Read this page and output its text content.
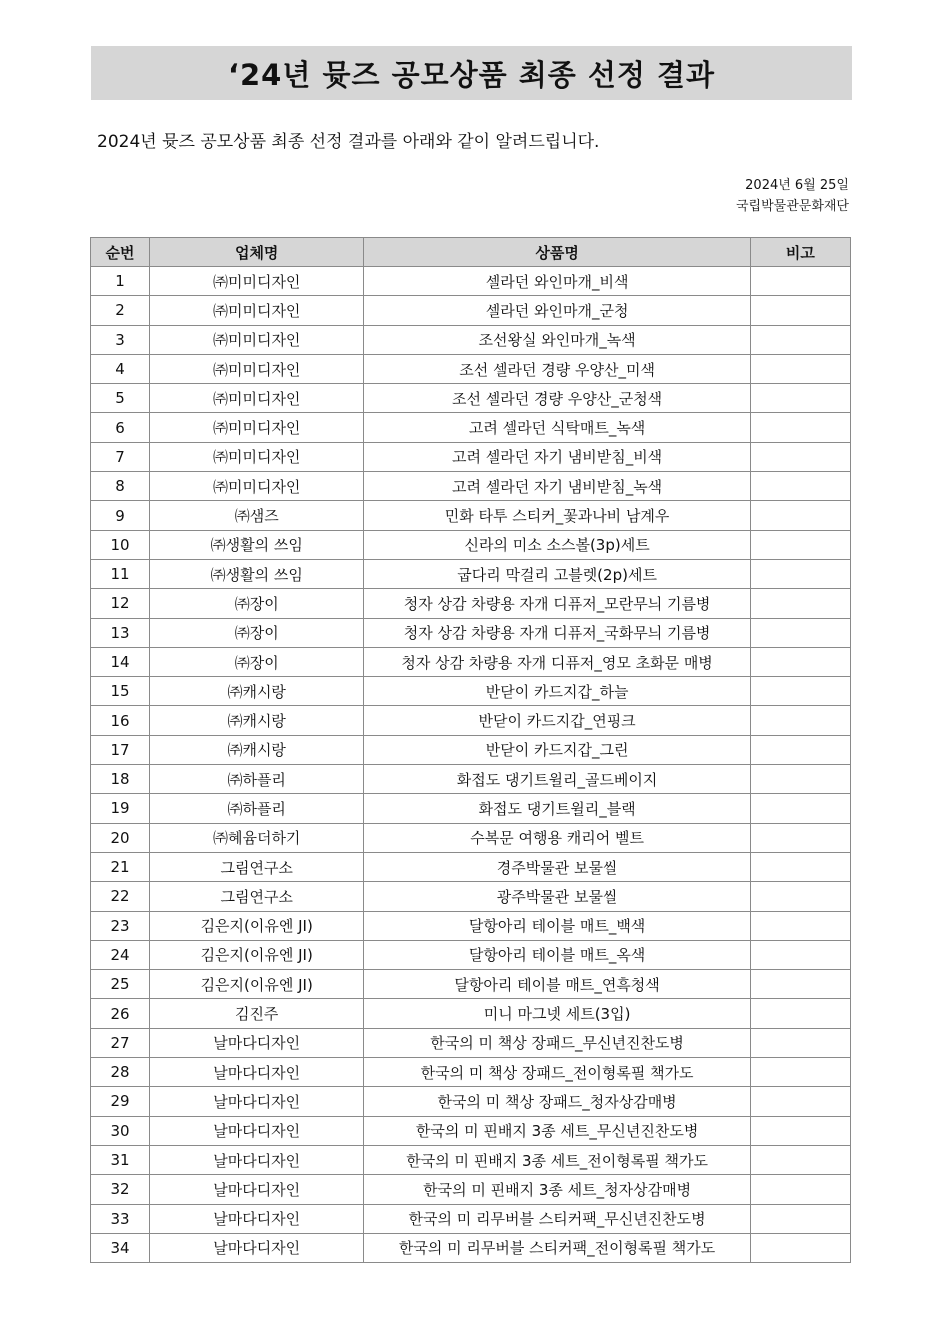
‘24년 뮷즈 공모상품 최종 선정 결과
2024년 뮷즈 공모상품 최종 선정 결과를 아래와 같이 알려드립니다.
2024년 6월 25일
국립박물관문화재단
순번	업체명	상품명	비고
1	㈜미미디자인	셀라던 와인마개_비색	
2	㈜미미디자인	셀라던 와인마개_군청	
3	㈜미미디자인	조선왕실 와인마개_녹색	
4	㈜미미디자인	조선 셀라던 경량 우양산_미색	
5	㈜미미디자인	조선 셀라던 경량 우양산_군청색	
6	㈜미미디자인	고려 셀라던 식탁매트_녹색	
7	㈜미미디자인	고려 셀라던 자기 냄비받침_비색	
8	㈜미미디자인	고려 셀라던 자기 냄비받침_녹색	
9	㈜샘즈	민화 타투 스티커_꽃과나비 남계우	
10	㈜생활의 쓰임	신라의 미소 소스볼(3p)세트	
11	㈜생활의 쓰임	굽다리 막걸리 고블렛(2p)세트	
12	㈜장이	청자 상감 차량용 자개 디퓨저_모란무늬 기름병	
13	㈜장이	청자 상감 차량용 자개 디퓨저_국화무늬 기름병	
14	㈜장이	청자 상감 차량용 자개 디퓨저_영모 초화문 매병	
15	㈜캐시랑	반닫이 카드지갑_하늘	
16	㈜캐시랑	반닫이 카드지갑_연핑크	
17	㈜캐시랑	반닫이 카드지갑_그린	
18	㈜하플리	화접도 댕기트윌리_골드베이지	
19	㈜하플리	화접도 댕기트윌리_블랙	
20	㈜혜윰더하기	수복문 여행용 캐리어 벨트	
21	그림연구소	경주박물관 보물씰	
22	그림연구소	광주박물관 보물씰	
23	김은지(이유엔 JI)	달항아리 테이블 매트_백색	
24	김은지(이유엔 JI)	달항아리 테이블 매트_옥색	
25	김은지(이유엔 JI)	달항아리 테이블 매트_연흑청색	
26	김진주	미니 마그넷 세트(3입)	
27	날마다디자인	한국의 미 책상 장패드_무신년진찬도병	
28	날마다디자인	한국의 미 책상 장패드_전이형록필 책가도	
29	날마다디자인	한국의 미 책상 장패드_청자상감매병	
30	날마다디자인	한국의 미 핀배지 3종 세트_무신년진찬도병	
31	날마다디자인	한국의 미 핀배지 3종 세트_전이형록필 책가도	
32	날마다디자인	한국의 미 핀배지 3종 세트_청자상감매병	
33	날마다디자인	한국의 미 리무버블 스티커팩_무신년진찬도병	
34	날마다디자인	한국의 미 리무버블 스티커팩_전이형록필 책가도	
